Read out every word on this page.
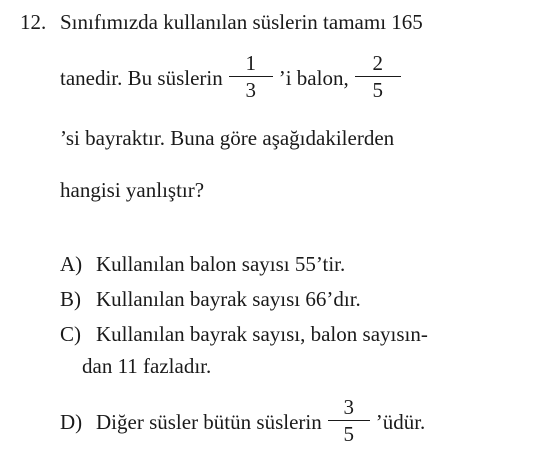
12. Sınıfımızda kullanılan süslerin tamamı 165
tanedir. Bu süslerin $\frac{1}{3}$ ’i balon, $\frac{2}{5}$
’si bayraktır. Buna göre aşağıdakilerden
hangisi yanlıştır?
A) Kullanılan balon sayısı 55’tir.
B) Kullanılan bayrak sayısı 66’dır.
C) Kullanılan bayrak sayısı, balon sayısın-
dan 11 fazladır.
D) Diğer süsler bütün süslerin $\frac{3}{5}$ ’üdür.
